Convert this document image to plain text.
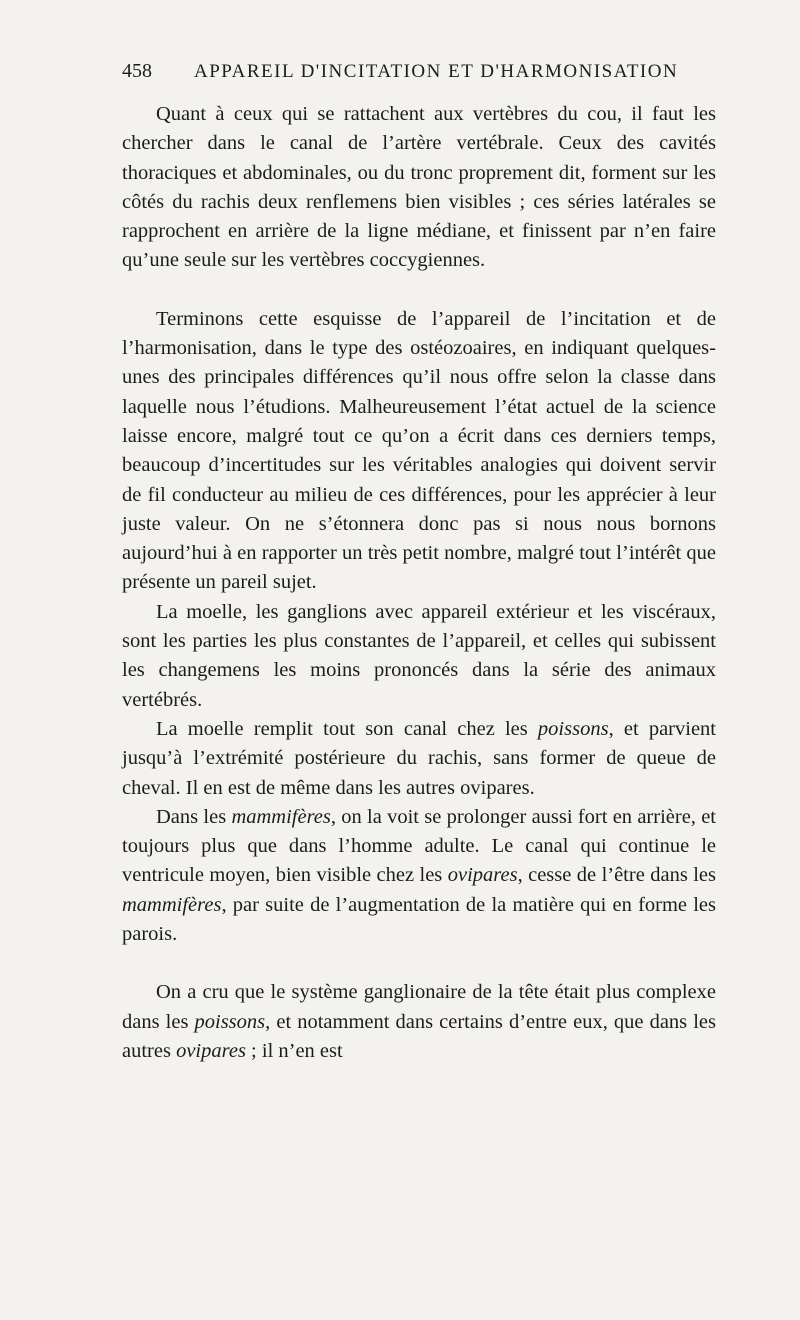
458	APPAREIL D'INCITATION ET D'HARMONISATION

Quant à ceux qui se rattachent aux vertèbres du cou, il faut les chercher dans le canal de l’artère vertébrale. Ceux des cavités thoraciques et abdominales, ou du tronc proprement dit, forment sur les côtés du rachis deux renflemens bien visibles ; ces séries latérales se rapprochent en arrière de la ligne médiane, et finissent par n’en faire qu’une seule sur les vertèbres coccygiennes.

Terminons cette esquisse de l’appareil de l’incitation et de l’harmonisation, dans le type des ostéozoaires, en indiquant quelques-unes des principales différences qu’il nous offre selon la classe dans laquelle nous l’étudions. Malheureusement l’état actuel de la science laisse encore, malgré tout ce qu’on a écrit dans ces derniers temps, beaucoup d’incertitudes sur les véritables analogies qui doivent servir de fil conducteur au milieu de ces différences, pour les apprécier à leur juste valeur. On ne s’étonnera donc pas si nous nous bornons aujourd’hui à en rapporter un très petit nombre, malgré tout l’intérêt que présente un pareil sujet.

La moelle, les ganglions avec appareil extérieur et les viscéraux, sont les parties les plus constantes de l’appareil, et celles qui subissent les changemens les moins prononcés dans la série des animaux vertébrés.

La moelle remplit tout son canal chez les poissons, et parvient jusqu’à l’extrémité postérieure du rachis, sans former de queue de cheval. Il en est de même dans les autres ovipares.

Dans les mammifères, on la voit se prolonger aussi fort en arrière, et toujours plus que dans l’homme adulte. Le canal qui continue le ventricule moyen, bien visible chez les ovipares, cesse de l’être dans les mammifères, par suite de l’augmentation de la matière qui en forme les parois.

On a cru que le système ganglionaire de la tête était plus complexe dans les poissons, et notamment dans certains d’entre eux, que dans les autres ovipares ; il n’en est
